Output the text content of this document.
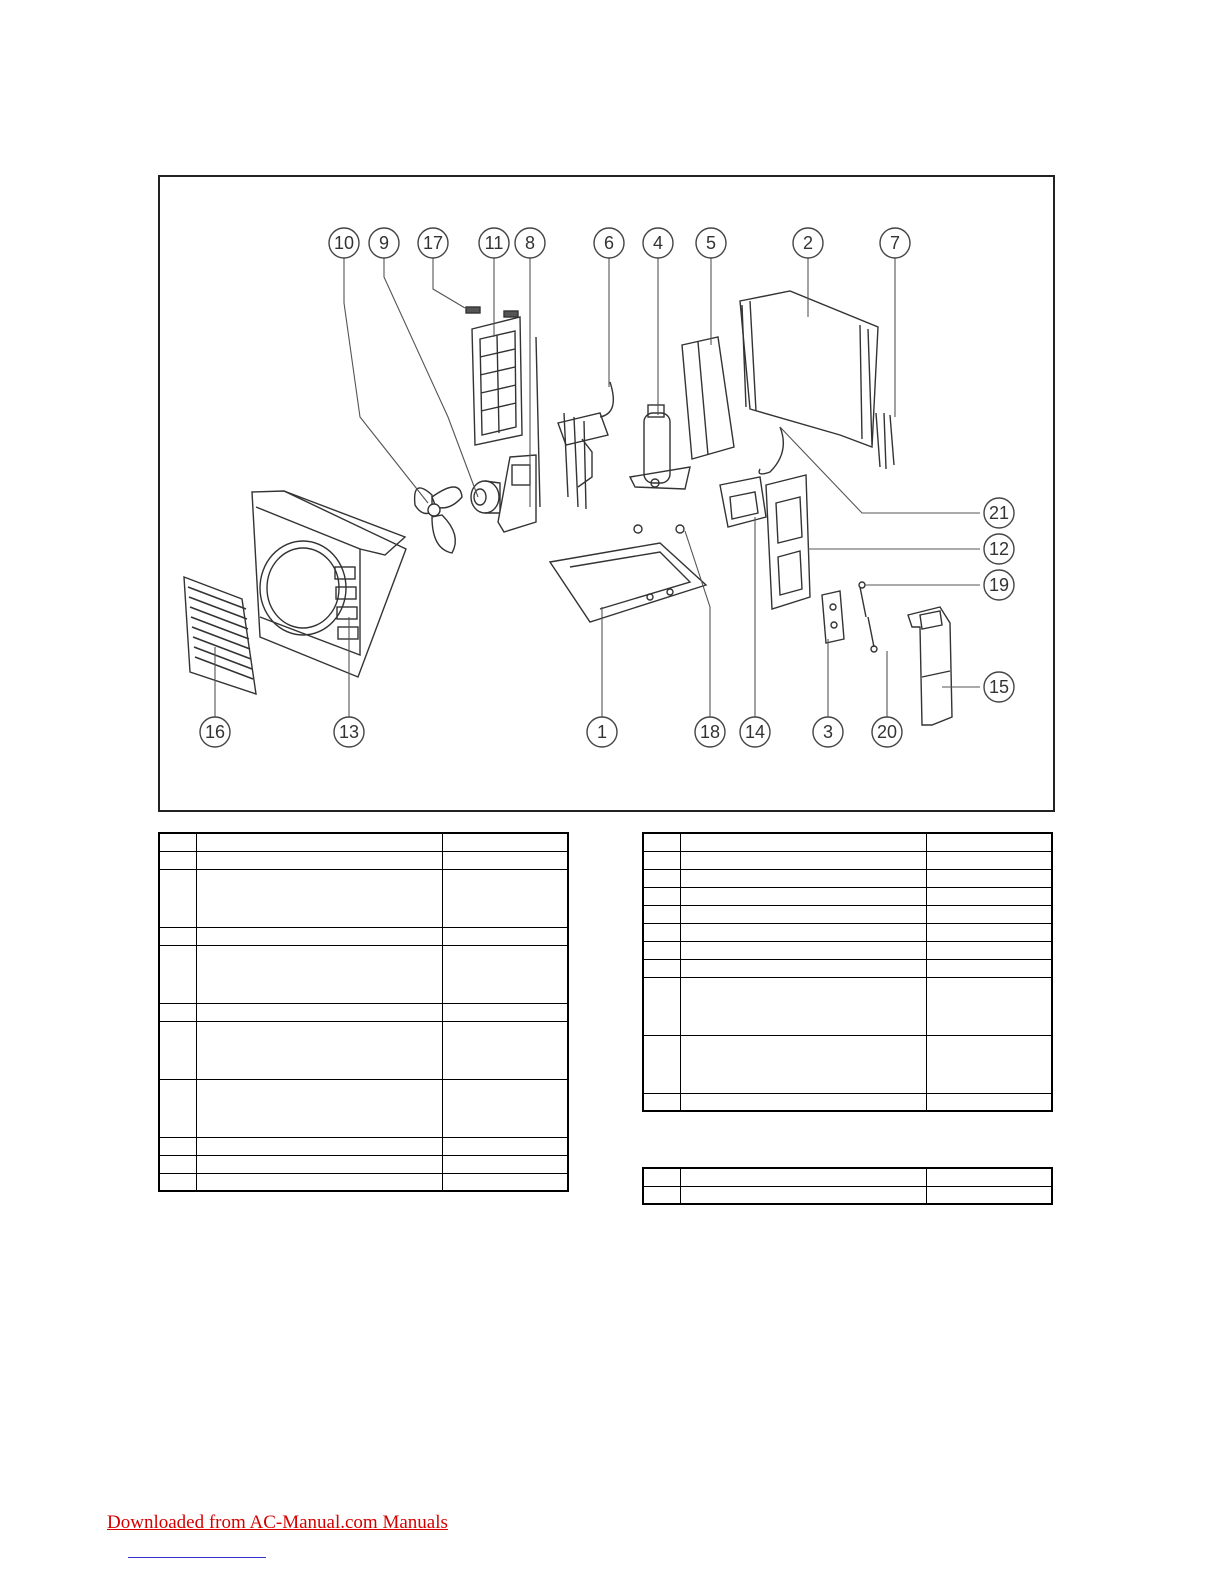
10 9 17 11 8	6 4 5	2	7
21
12
19
15
16	13	1	18 14	3 20

Downloaded from AC-Manual.com Manuals
